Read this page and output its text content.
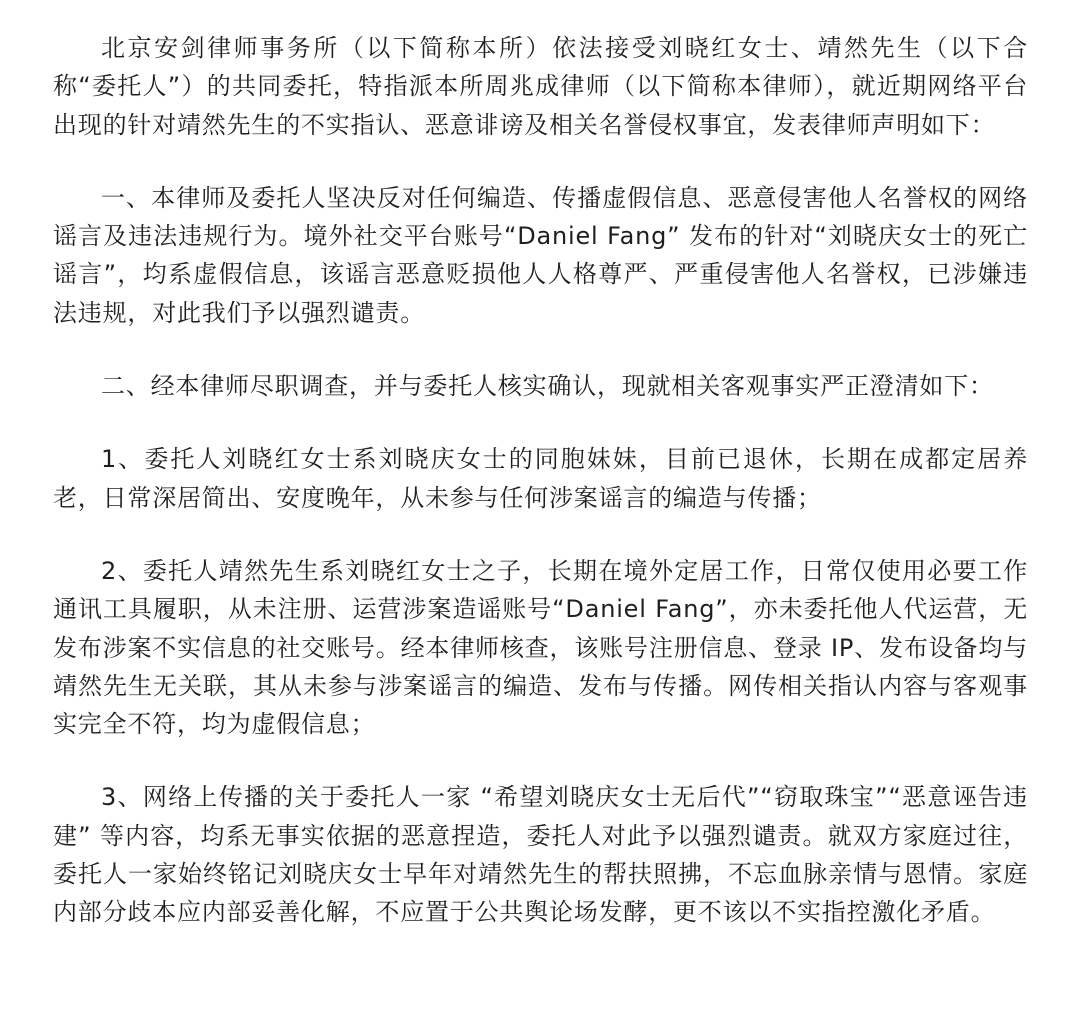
北京安剑律师事务所（以下简称本所）依法接受刘晓红女士、靖然先生（以下合称“委托人”）的共同委托，特指派本所周兆成律师（以下简称本律师），就近期网络平台出现的针对靖然先生的不实指认、恶意诽谤及相关名誉侵权事宜，发表律师声明如下：

一、本律师及委托人坚决反对任何编造、传播虚假信息、恶意侵害他人名誉权的网络谣言及违法违规行为。境外社交平台账号“Daniel Fang” 发布的针对“刘晓庆女士的死亡谣言”，均系虚假信息，该谣言恶意贬损他人人格尊严、严重侵害他人名誉权，已涉嫌违法违规，对此我们予以强烈谴责。

二、经本律师尽职调查，并与委托人核实确认，现就相关客观事实严正澄清如下：

1、委托人刘晓红女士系刘晓庆女士的同胞妹妹，目前已退休，长期在成都定居养老，日常深居简出、安度晚年，从未参与任何涉案谣言的编造与传播；

2、委托人靖然先生系刘晓红女士之子，长期在境外定居工作，日常仅使用必要工作通讯工具履职，从未注册、运营涉案造谣账号“Daniel Fang”，亦未委托他人代运营，无发布涉案不实信息的社交账号。经本律师核查，该账号注册信息、登录 IP、发布设备均与靖然先生无关联，其从未参与涉案谣言的编造、发布与传播。网传相关指认内容与客观事实完全不符，均为虚假信息；

3、网络上传播的关于委托人一家 “希望刘晓庆女士无后代”“窃取珠宝”“恶意诬告违建” 等内容，均系无事实依据的恶意捏造，委托人对此予以强烈谴责。就双方家庭过往，委托人一家始终铭记刘晓庆女士早年对靖然先生的帮扶照拂，不忘血脉亲情与恩情。家庭内部分歧本应内部妥善化解，不应置于公共舆论场发酵，更不该以不实指控激化矛盾。
